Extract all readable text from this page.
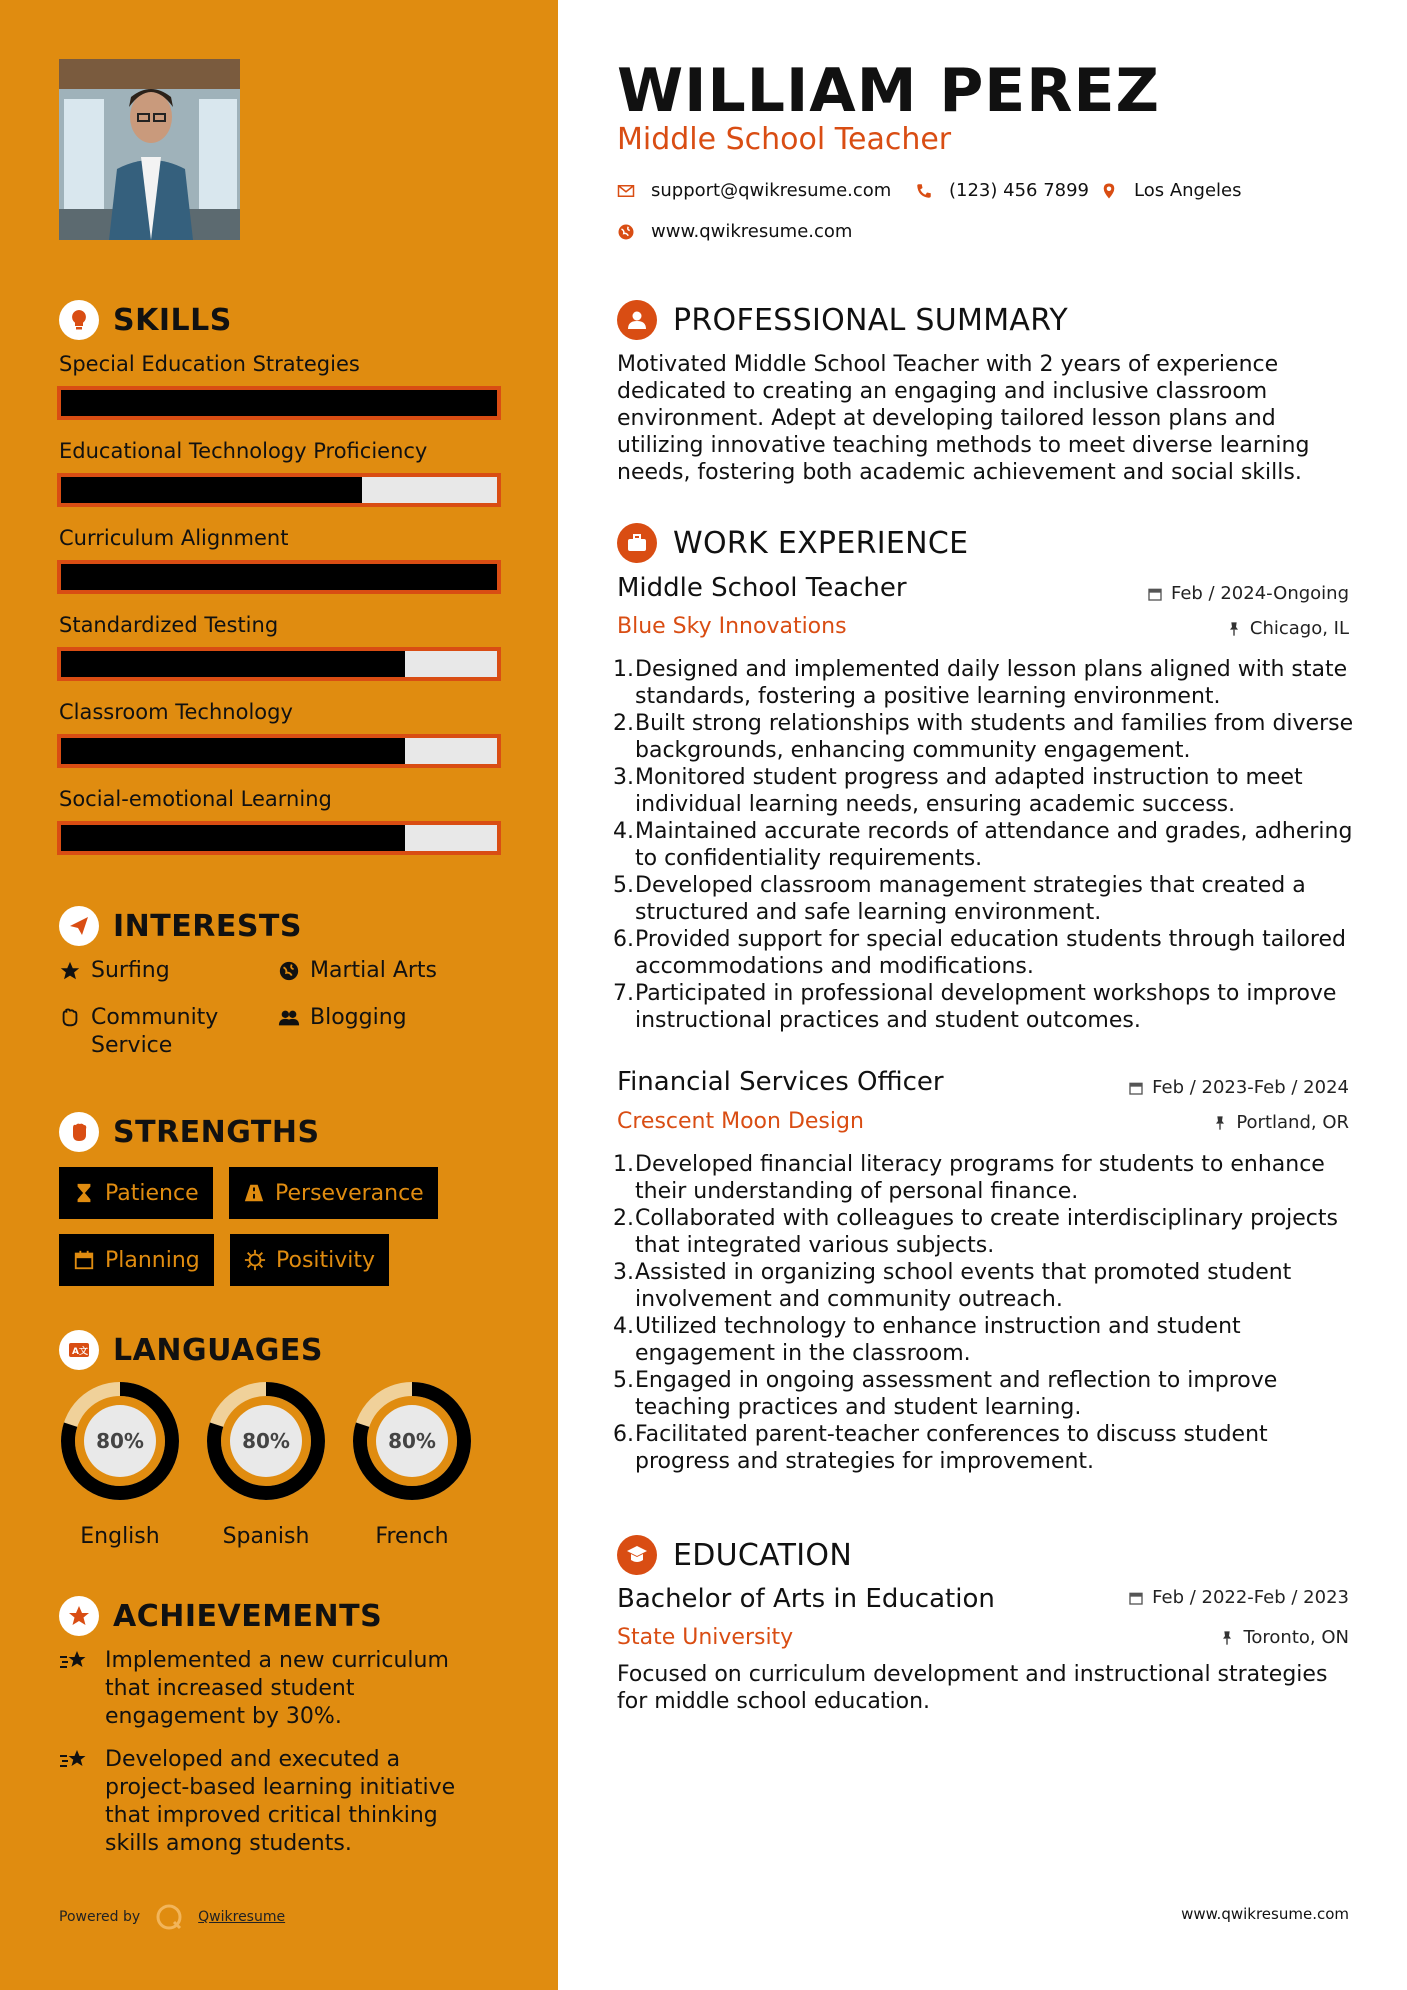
SKILLS
Special Education Strategies
Educational Technology Proficiency
Curriculum Alignment
Standardized Testing
Classroom Technology
Social-emotional Learning
INTERESTS
Surfing	Martial Arts
Community Service
Blogging
STRENGTHS
Patience	Perseverance
Planning	Positivity
A文 LANGUAGES
80%
English
80%
Spanish
80%
French
ACHIEVEMENTS
Implemented a new curriculum that increased student engagement by 30%.
Developed and executed a project-based learning initiative that improved critical thinking skills among students.
Powered by	Qwikresume
WILLIAM PEREZ
Middle School Teacher
support@qwikresume.com	(123) 456 7899 Los Angeles
www.qwikresume.com
PROFESSIONAL SUMMARY
Motivated Middle School Teacher with 2 years of experience dedicated to creating an engaging and inclusive classroom environment. Adept at developing tailored lesson plans and utilizing innovative teaching methods to meet diverse learning needs, fostering both academic achievement and social skills.
WORK EXPERIENCE
Middle School Teacher	Feb / 2024-Ongoing
Blue Sky Innovations	Chicago, IL
Designed and implemented daily lesson plans aligned with state standards, fostering a positive learning environment.
Built strong relationships with students and families from diverse backgrounds, enhancing community engagement.
Monitored student progress and adapted instruction to meet individual learning needs, ensuring academic success.
Maintained accurate records of attendance and grades, adhering to confidentiality requirements.
Developed classroom management strategies that created a structured and safe learning environment.
Provided support for special education students through tailored accommodations and modifications.
Participated in professional development workshops to improve instructional practices and student outcomes.
Financial Services Officer	Feb / 2023-Feb / 2024
Crescent Moon Design	Portland, OR
Developed financial literacy programs for students to enhance their understanding of personal finance.
Collaborated with colleagues to create interdisciplinary projects that integrated various subjects.
Assisted in organizing school events that promoted student involvement and community outreach.
Utilized technology to enhance instruction and student engagement in the classroom.
Engaged in ongoing assessment and reflection to improve teaching practices and student learning.
Facilitated parent-teacher conferences to discuss student progress and strategies for improvement.
EDUCATION
Bachelor of Arts in Education	Feb / 2022-Feb / 2023
State University	Toronto, ON
Focused on curriculum development and instructional strategies for middle school education.
www.qwikresume.com
